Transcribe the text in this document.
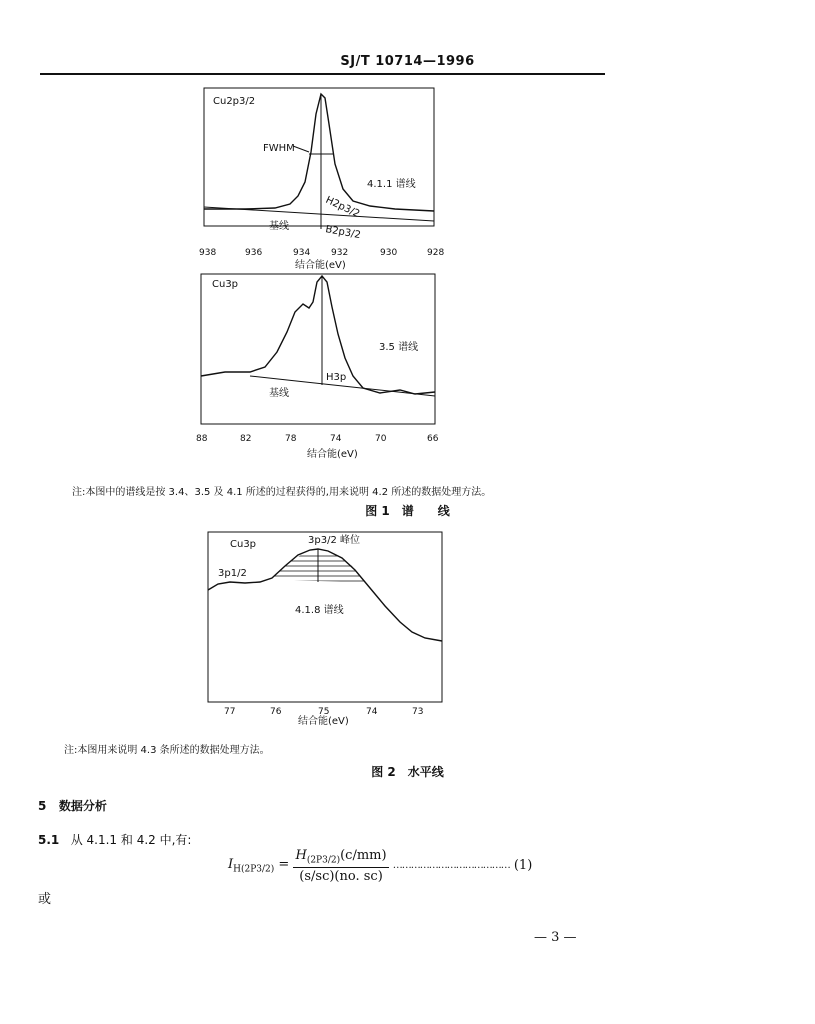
SJ/T 10714—1996
Cu2p3/2
FWHM
4.1.1 谱线
H2p3/2
B2p3/2
基线
938	936	934 932	930	928
结合能(eV)
Cu3p
3.5 谱线
H3p
基线
88	82	78	74	70	66
结合能(eV)
注:本图中的谱线是按 3.4、3.5 及 4.1 所述的过程获得的,用来说明 4.2 所述的数据处理方法。
图 1　谱　　线
Cu3p	3p3/2 峰位
3p1/2
4.1.8 谱线
77	76	75	74	73
结合能(eV)
注:本图用来说明 4.3 条所述的数据处理方法。
图 2　水平线
5 数据分析
5.1 从 4.1.1 和 4.2 中,有:
$I_{H(2P3/2)} = \frac{H_{(2P3/2)}(c/mm)}{(s/sc)(no. sc)}$ ………………………………… (1)
或
— 3 —
